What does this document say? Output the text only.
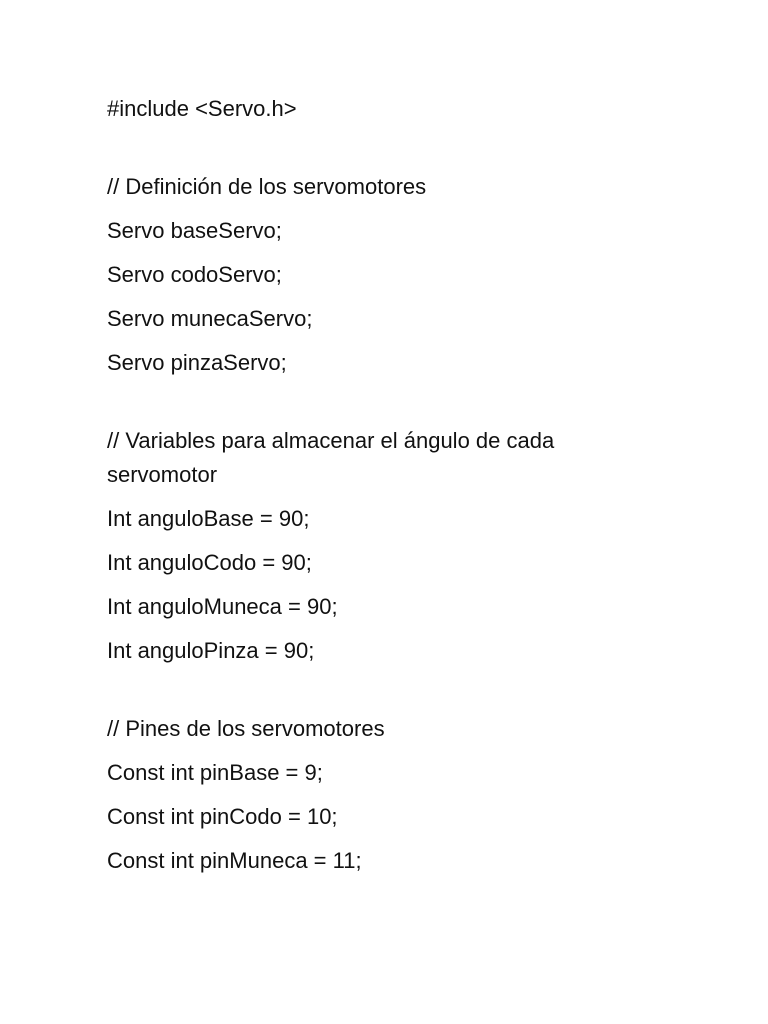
#include <Servo.h>

// Definición de los servomotores

Servo baseServo;

Servo codoServo;

Servo munecaServo;

Servo pinzaServo;

// Variables para almacenar el ángulo de cada servomotor

Int anguloBase = 90;

Int anguloCodo = 90;

Int anguloMuneca = 90;

Int anguloPinza = 90;

// Pines de los servomotores

Const int pinBase = 9;

Const int pinCodo = 10;

Const int pinMuneca = 11;
